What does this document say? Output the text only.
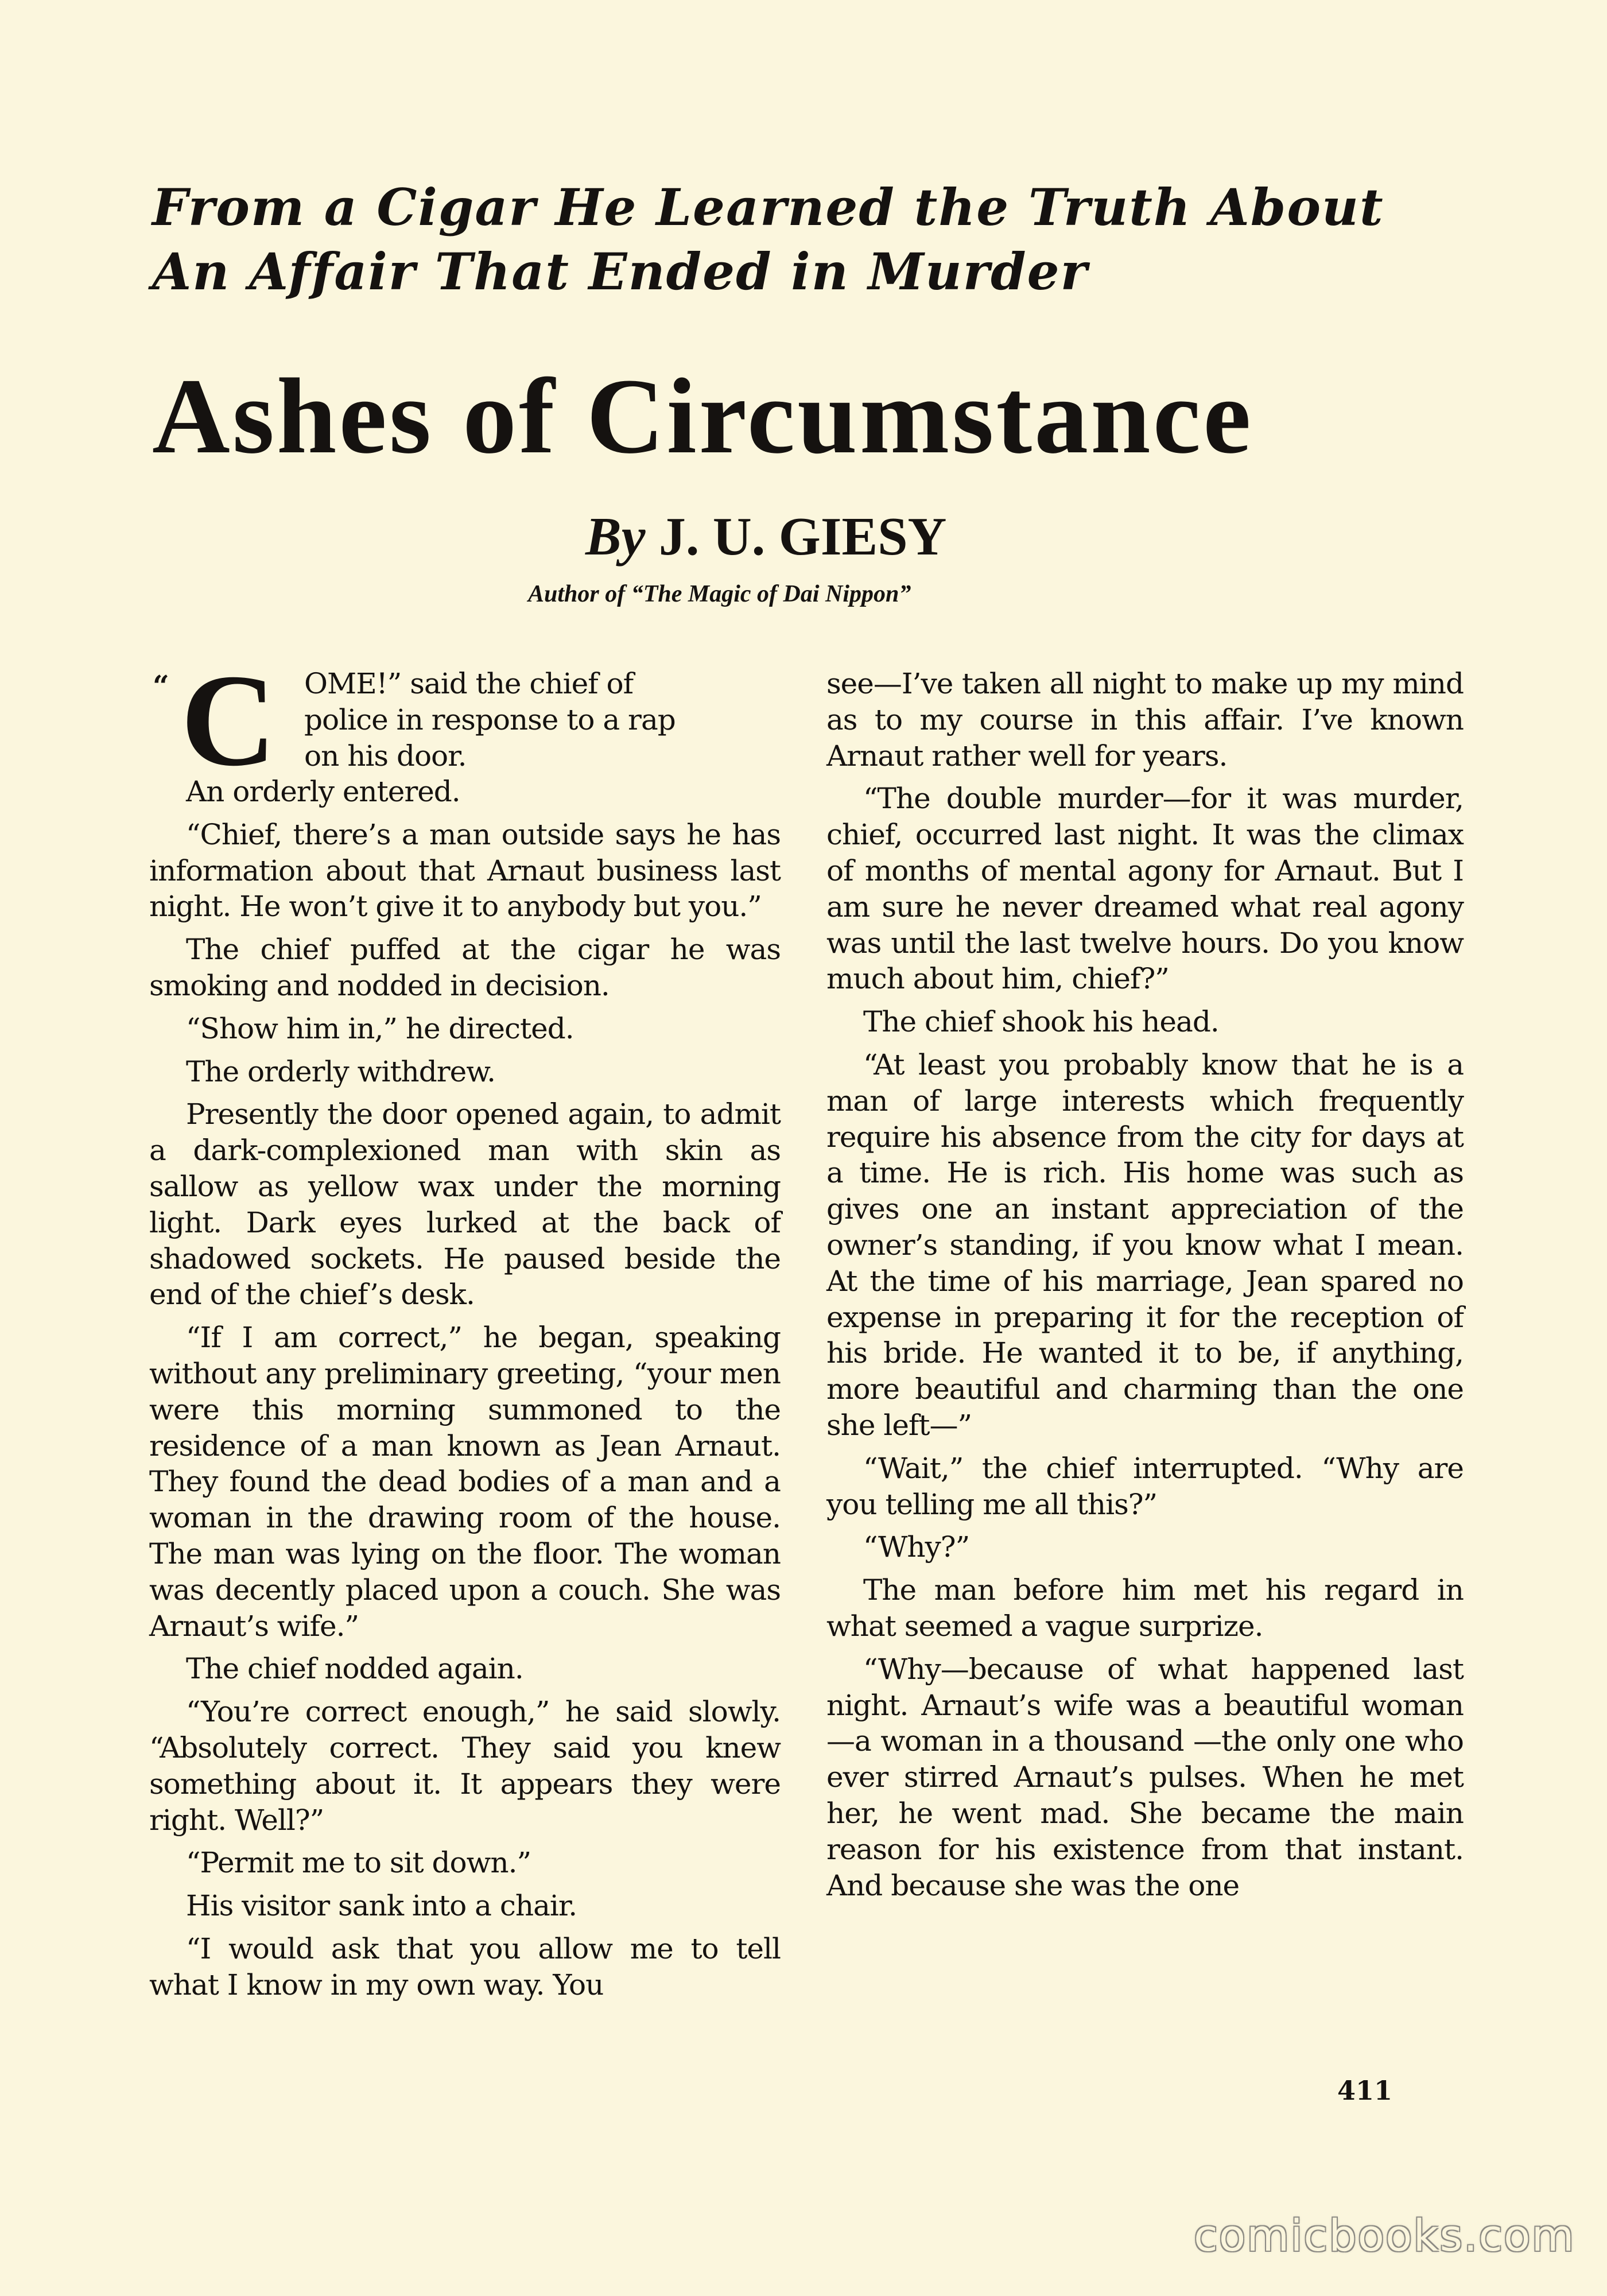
From a Cigar He Learned the Truth About
An Affair That Ended in Murder
Ashes of Circumstance
By J. U. GIESY
Author of “The Magic of Dai Nippon”
“ C OME!” said the chief of
police in response to a rap
on his door.

An orderly entered.

“Chief, there’s a man outside says he has information about that Arnaut business last night. He won’t give it to anybody but you.”

The chief puffed at the cigar he was smoking and nodded in decision.

“Show him in,” he directed.

The orderly withdrew.

Presently the door opened again, to admit a dark-complexioned man with skin as sallow as yellow wax under the morning light. Dark eyes lurked at the back of shadowed sockets. He paused beside the end of the chief’s desk.

“If I am correct,” he began, speaking without any preliminary greeting, “your men were this morning summoned to the residence of a man known as Jean Arnaut. They found the dead bodies of a man and a woman in the drawing room of the house. The man was lying on the floor. The woman was decently placed upon a couch. She was Arnaut’s wife.”

The chief nodded again.

“You’re correct enough,” he said slowly. “Absolutely correct. They said you knew something about it. It appears they were right. Well?”

“Permit me to sit down.”

His visitor sank into a chair.

“I would ask that you allow me to tell what I know in my own way. You

see—I’ve taken all night to make up my mind as to my course in this affair. I’ve known Arnaut rather well for years.

“The double murder—for it was murder, chief, occurred last night. It was the climax of months of mental agony for Arnaut. But I am sure he never dreamed what real agony was until the last twelve hours. Do you know much about him, chief?”

The chief shook his head.

“At least you probably know that he is a man of large interests which frequently require his absence from the city for days at a time. He is rich. His home was such as gives one an instant appreciation of the owner’s standing, if you know what I mean. At the time of his marriage, Jean spared no expense in preparing it for the reception of his bride. He wanted it to be, if anything, more beautiful and charming than the one she left—”

“Wait,” the chief interrupted. “Why are you telling me all this?”

“Why?”

The man before him met his regard in what seemed a vague surprize.

“Why—because of what happened last night. Arnaut’s wife was a beautiful woman—a woman in a thousand —the only one who ever stirred Arnaut’s pulses. When he met her, he went mad. She became the main reason for his existence from that instant. And because she was the one

411
comicbooks.com
